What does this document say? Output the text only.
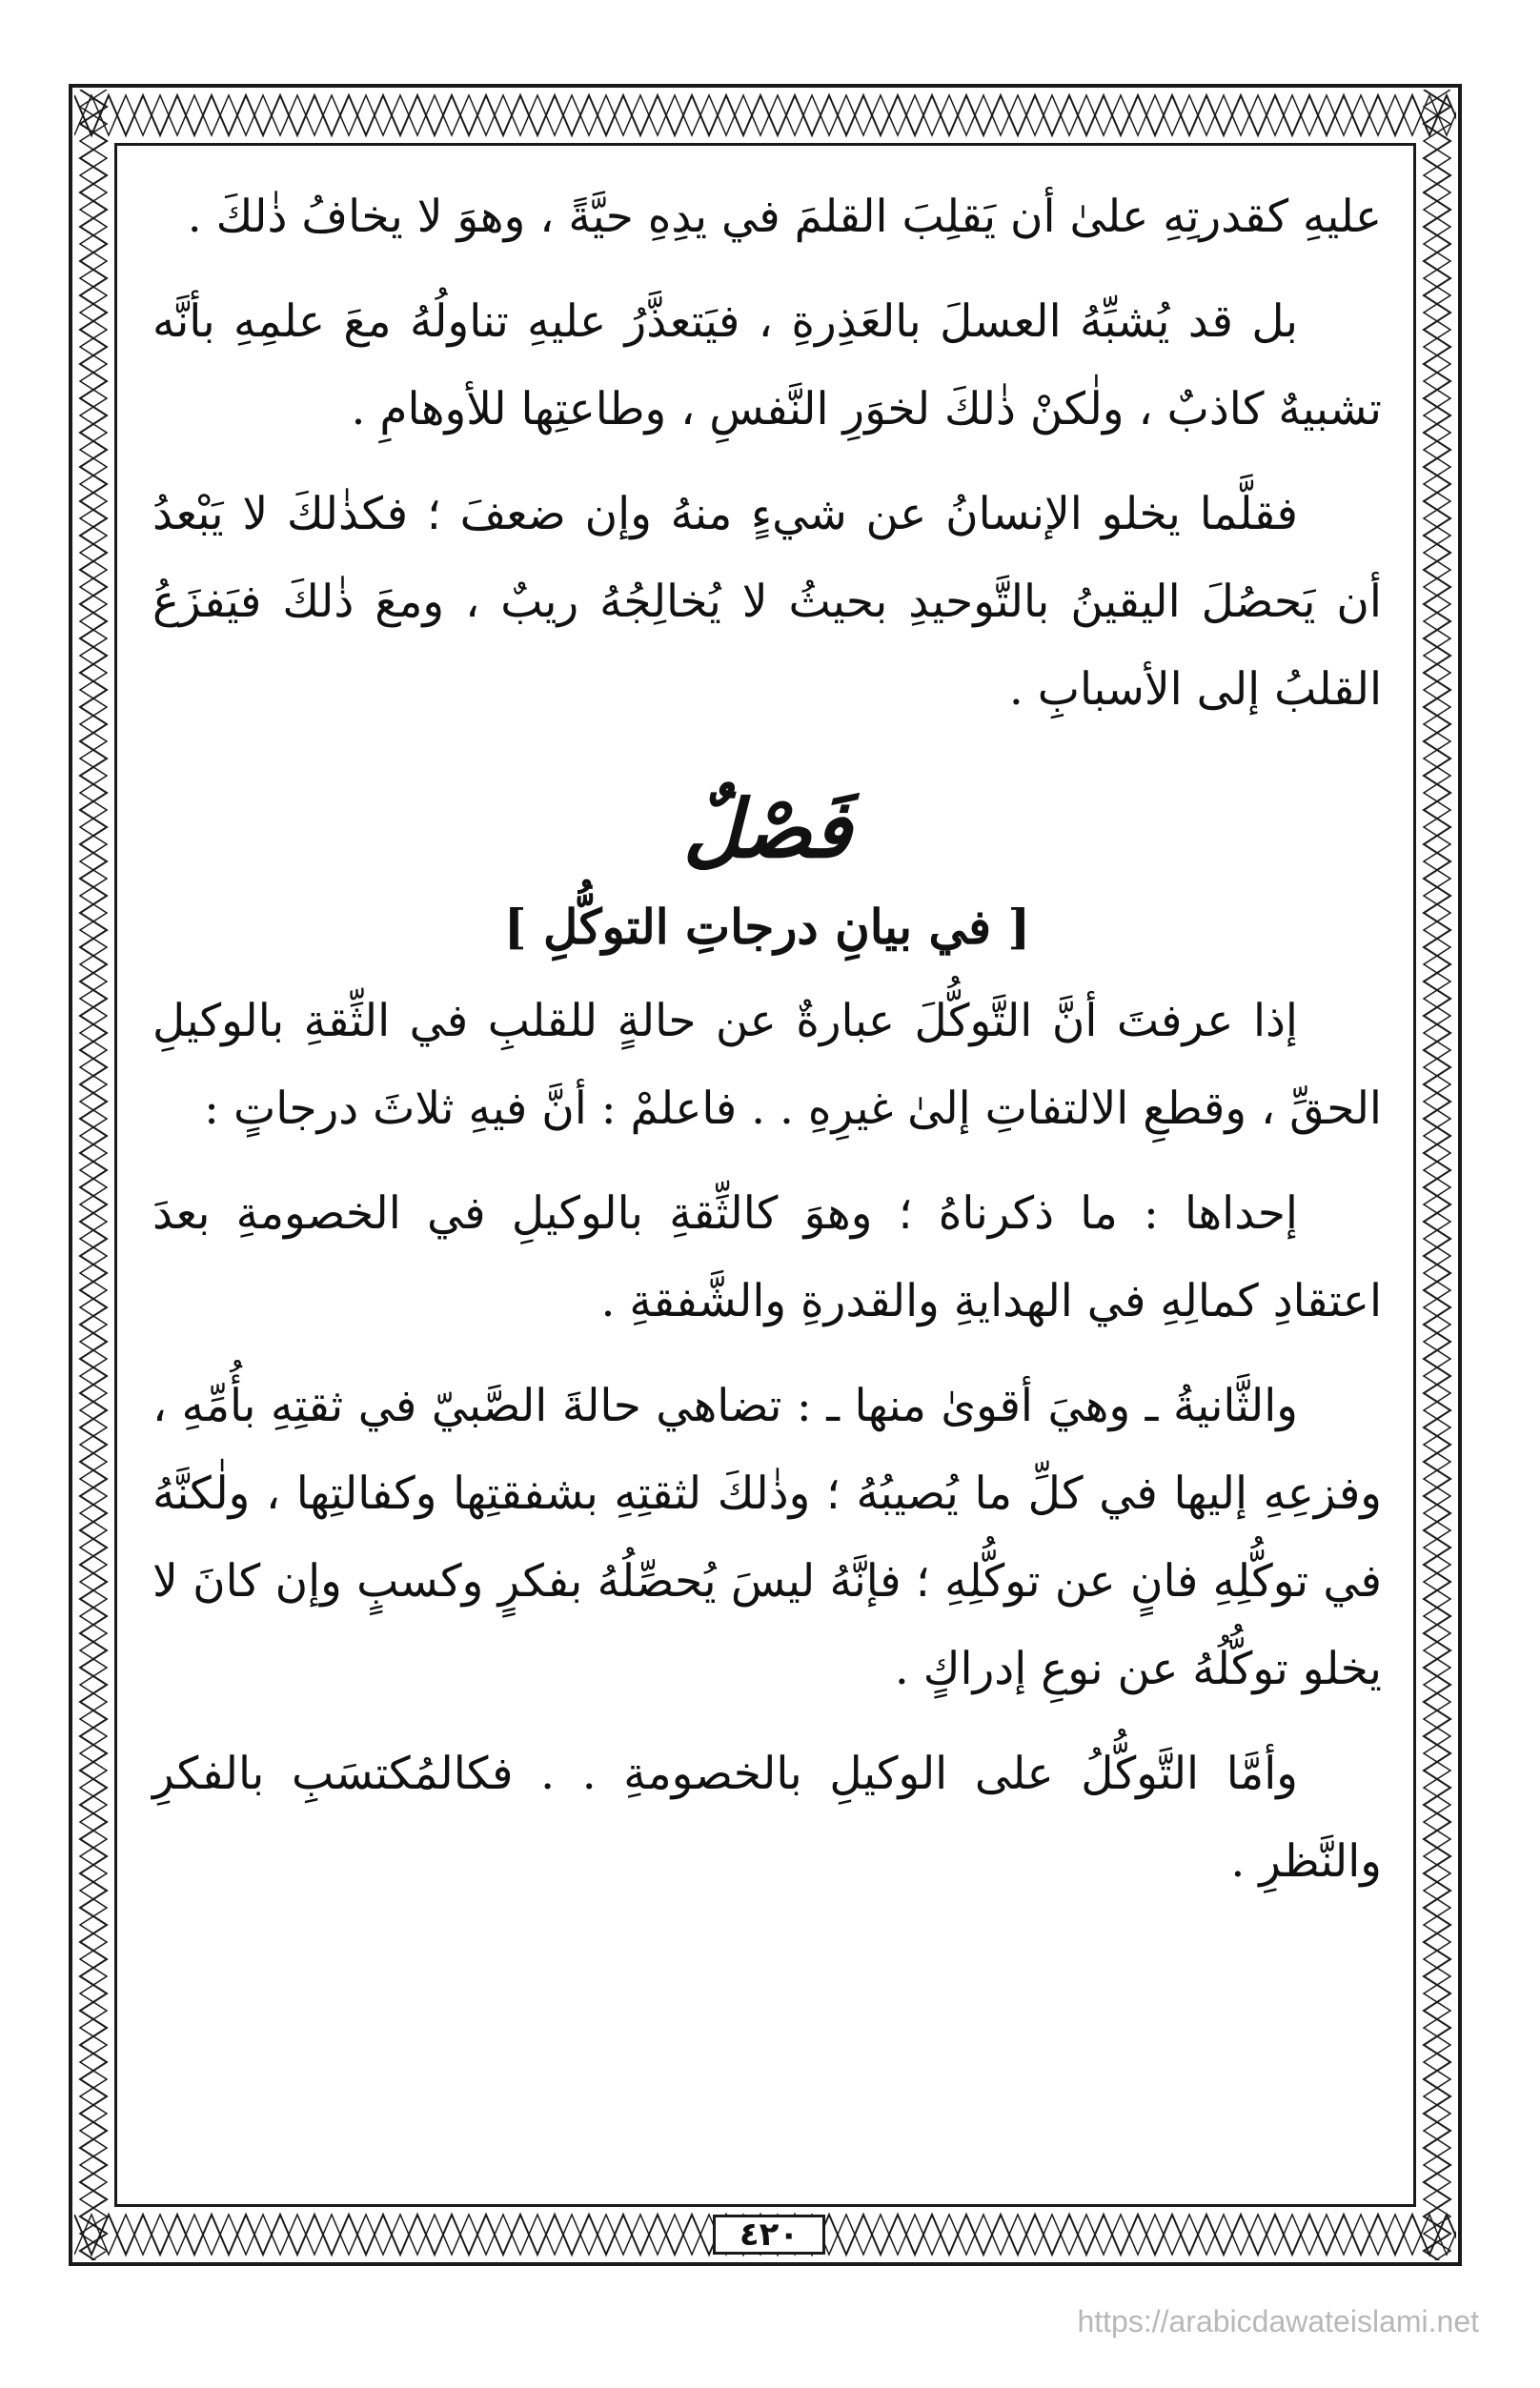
عليهِ كقدرتِهِ علىٰ أن يَقلِبَ القلمَ في يدِهِ حيَّةً ، وهوَ لا يخافُ ذٰلكَ .

بل قد يُشبِّهُ العسلَ بالعَذِرةِ ، فيَتعذَّرُ عليهِ تناولُهُ معَ علمِهِ بأنَّه تشبيهٌ كاذبٌ ، ولٰكنْ ذٰلكَ لخوَرِ النَّفسِ ، وطاعتِها للأوهامِ .

فقلَّما يخلو الإنسانُ عن شيءٍ منهُ وإن ضعفَ ؛ فكذٰلكَ لا يَبْعدُ أن يَحصُلَ اليقينُ بالتَّوحيدِ بحيثُ لا يُخالِجُهُ ريبٌ ، ومعَ ذٰلكَ فيَفزَعُ القلبُ إلى الأسبابِ .

فَصْلٌ
[ في بيانِ درجاتِ التوكُّلِ ]

إذا عرفتَ أنَّ التَّوكُّلَ عبارةٌ عن حالةٍ للقلبِ في الثِّقةِ بالوكيلِ الحقِّ ، وقطعِ الالتفاتِ إلىٰ غيرِهِ . . فاعلمْ : أنَّ فيهِ ثلاثَ درجاتٍ :

إحداها : ما ذكرناهُ ؛ وهوَ كالثِّقةِ بالوكيلِ في الخصومةِ بعدَ اعتقادِ كمالِهِ في الهدايةِ والقدرةِ والشَّفقةِ .

والثَّانيةُ ـ وهيَ أقوىٰ منها ـ : تضاهي حالةَ الصَّبيّ في ثقتِهِ بأُمِّهِ ، وفزعِهِ إليها في كلِّ ما يُصيبُهُ ؛ وذٰلكَ لثقتِهِ بشفقتِها وكفالتِها ، ولٰكنَّهُ في توكُّلِهِ فانٍ عن توكُّلِهِ ؛ فإنَّهُ ليسَ يُحصِّلُهُ بفكرٍ وكسبٍ وإن كانَ لا يخلو توكُّلُهُ عن نوعِ إدراكٍ .

وأمَّا التَّوكُّلُ على الوكيلِ بالخصومةِ . . فكالمُكتسَبِ بالفكرِ والنَّظرِ .

٤٢٠
https://arabicdawateislami.net
